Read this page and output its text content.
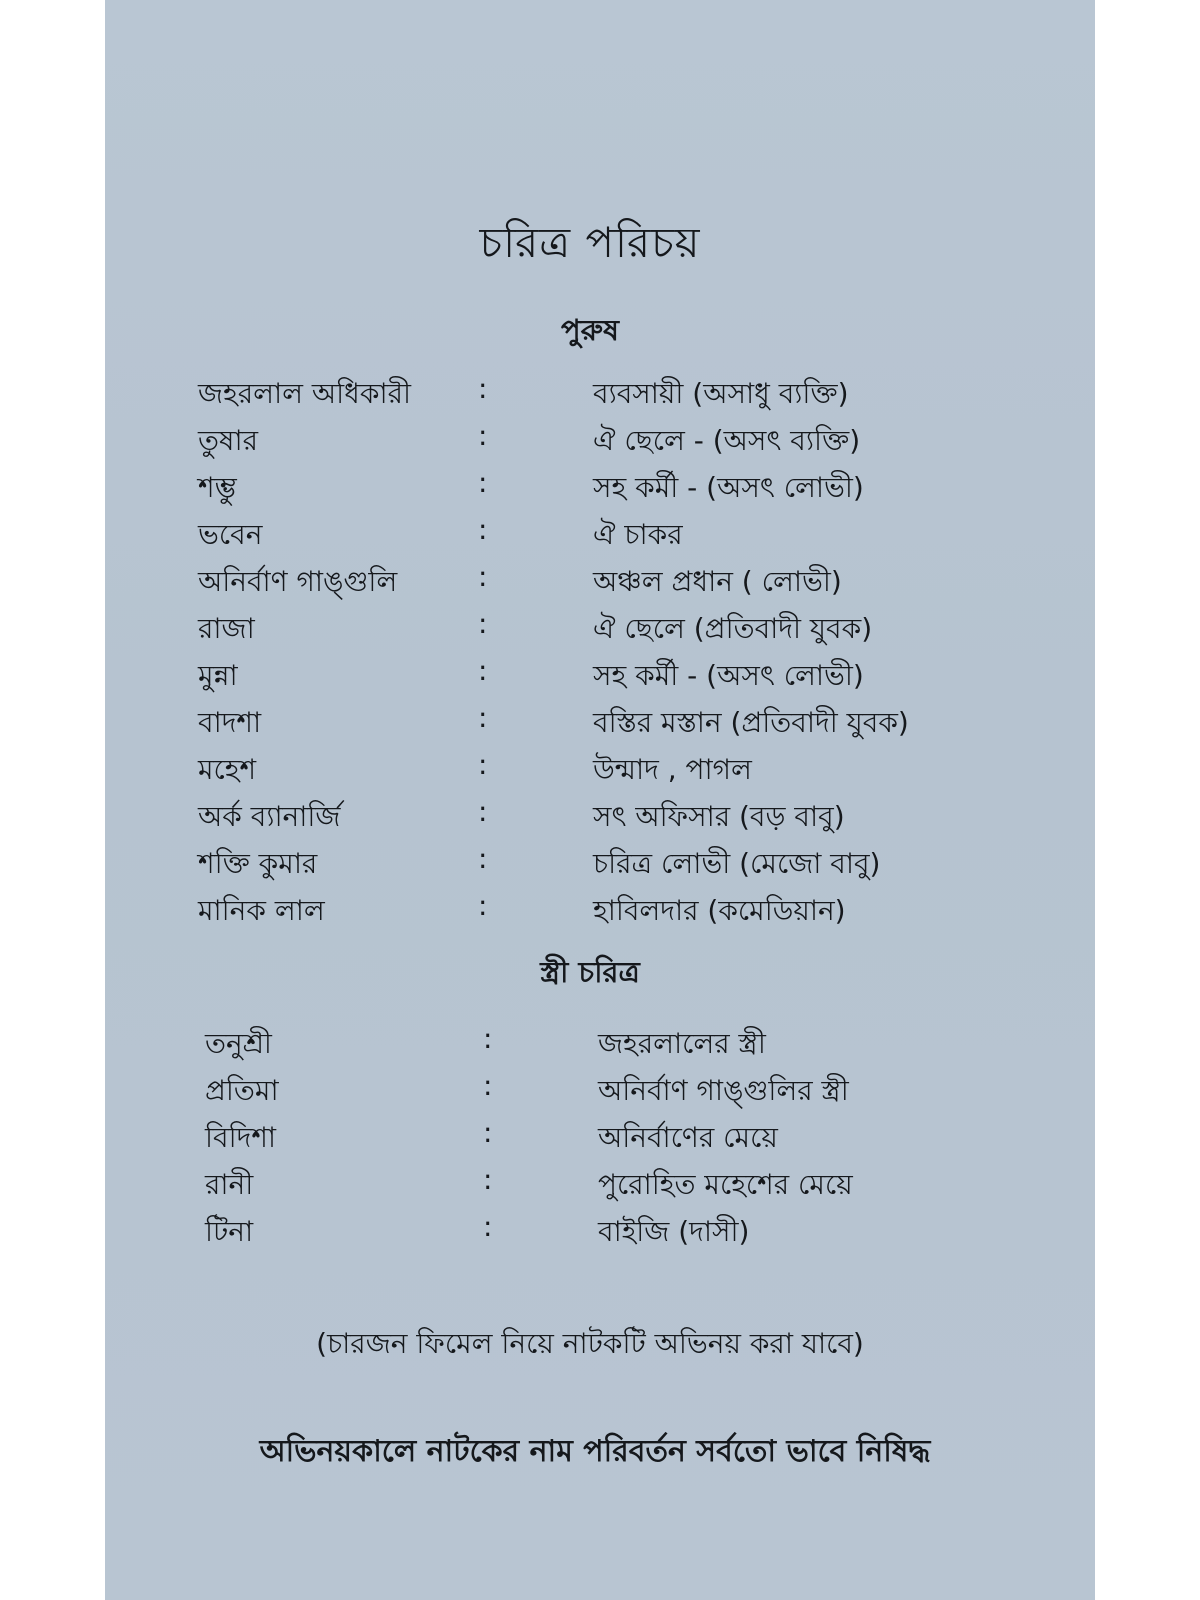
চরিত্র পরিচয়
পুরুষ
জহরলাল অধিকারী :	ব্যবসায়ী (অসাধু ব্যক্তি)
তুষার	:	ঐ ছেলে - (অসৎ ব্যক্তি)
শম্ভু	:	সহ কর্মী - (অসৎ লোভী)
ভবেন	:	ঐ চাকর
অনির্বাণ গাঙ্গুলি	:	অঞ্চল প্রধান ( লোভী)
রাজা	:	ঐ ছেলে (প্রতিবাদী যুবক)
মুন্না	:	সহ কর্মী - (অসৎ লোভী)
বাদশা	:	বস্তির মস্তান (প্রতিবাদী যুবক)
মহেশ	:	উন্মাদ , পাগল
অর্ক ব্যানার্জি	:	সৎ অফিসার (বড় বাবু)
শক্তি কুমার	:	চরিত্র লোভী (মেজো বাবু)
মানিক লাল	:	হাবিলদার (কমেডিয়ান)
স্ত্রী চরিত্র
তনুশ্রী	:	জহরলালের স্ত্রী
প্রতিমা	:	অনির্বাণ গাঙ্গুলির স্ত্রী
বিদিশা	:	অনির্বাণের মেয়ে
রানী	:	পুরোহিত মহেশের মেয়ে
টিনা	:	বাইজি (দাসী)
(চারজন ফিমেল নিয়ে নাটকটি অভিনয় করা যাবে)
অভিনয়কালে নাটকের নাম পরিবর্তন সর্বতো ভাবে নিষিদ্ধ
